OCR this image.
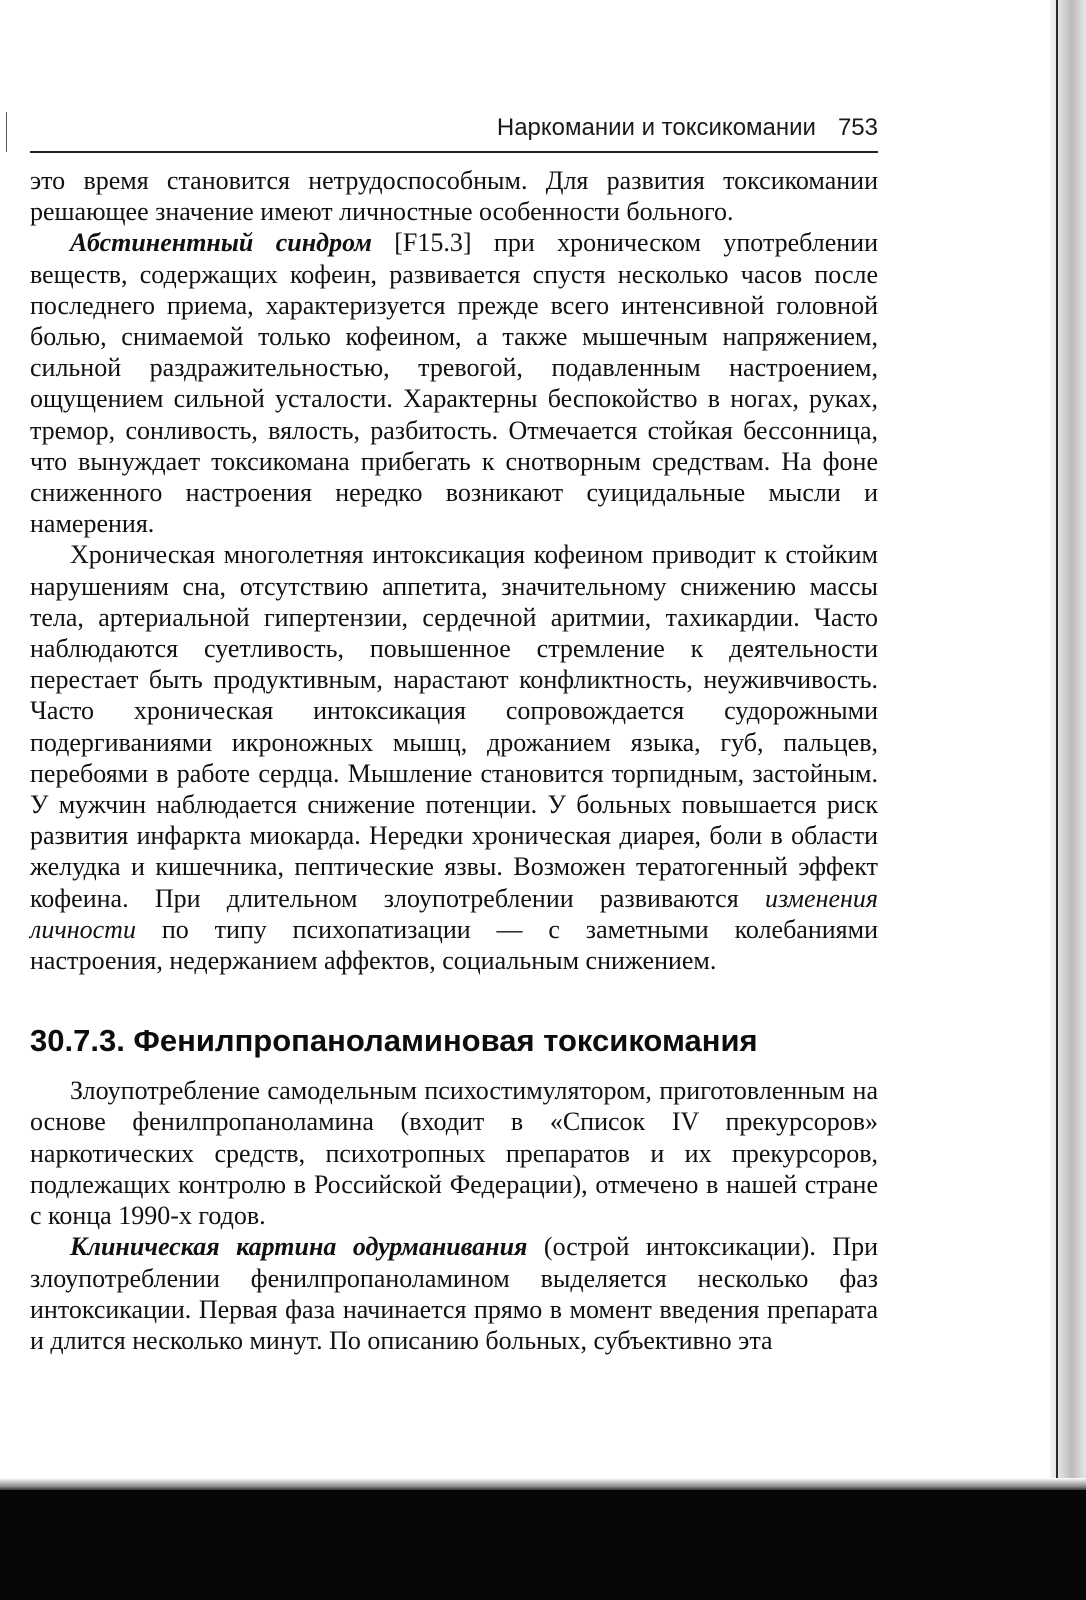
Наркомании и токсикомании 753

это время становится нетрудоспособным. Для развития токсикомании решающее значение имеют личностные особенности больного.

Абстинентный синдром [F15.3] при хроническом употреблении веществ, содержащих кофеин, развивается спустя несколько часов после последнего приема, характеризуется прежде всего интенсивной головной болью, снимаемой только кофеином, а также мышечным напряжением, сильной раздражительностью, тревогой, подавленным настроением, ощущением сильной усталости. Характерны беспокойство в ногах, руках, тремор, сонливость, вялость, разбитость. Отмечается стойкая бессонница, что вынуждает токсикомана прибегать к снотворным средствам. На фоне сниженного настроения нередко возникают суицидальные мысли и намерения.

Хроническая многолетняя интоксикация кофеином приводит к стойким нарушениям сна, отсутствию аппетита, значительному снижению массы тела, артериальной гипертензии, сердечной аритмии, тахикардии. Часто наблюдаются суетливость, повышенное стремление к деятельности перестает быть продуктивным, нарастают конфликтность, неуживчивость. Часто хроническая интоксикация сопровождается судорожными подергиваниями икроножных мышц, дрожанием языка, губ, пальцев, перебоями в работе сердца. Мышление становится торпидным, застойным. У мужчин наблюдается снижение потенции. У больных повышается риск развития инфаркта миокарда. Нередки хроническая диарея, боли в области желудка и кишечника, пептические язвы. Возможен тератогенный эффект кофеина. При длительном злоупотреблении развиваются изменения личности по типу психопатизации — с заметными колебаниями настроения, недержанием аффектов, социальным снижением.

30.7.3. Фенилпропаноламиновая токсикомания

Злоупотребление самодельным психостимулятором, приготовленным на основе фенилпропаноламина (входит в «Список IV прекурсоров» наркотических средств, психотропных препаратов и их прекурсоров, подлежащих контролю в Российской Федерации), отмечено в нашей стране с конца 1990-х годов.

Клиническая картина одурманивания (острой интоксикации). При злоупотреблении фенилпропаноламином выделяется несколько фаз интоксикации. Первая фаза начинается прямо в момент введения препарата и длится несколько минут. По описанию больных, субъективно эта
